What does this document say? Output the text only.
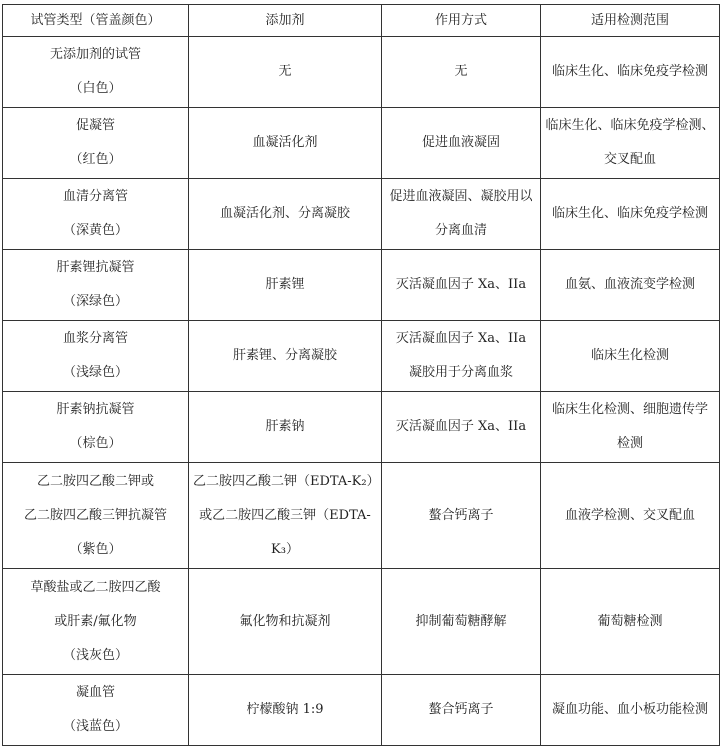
试管类型（管盖颜色）	添加剂	作用方式	适用检测范围

无添加剂的试管
（白色）	无	无	临床生化、临床免疫学检测

促凝管
（红色）	血凝活化剂	促进血液凝固	临床生化、临床免疫学检测、
交叉配血

血清分离管
（深黄色）	血凝活化剂、分离凝胶	促进血液凝固、凝胶用以
分离血清	临床生化、临床免疫学检测

肝素锂抗凝管
（深绿色）	肝素锂	灭活凝血因子 Xa、IIa	血氨、血液流变学检测

血浆分离管
（浅绿色）	肝素锂、分离凝胶	灭活凝血因子 Xa、IIa
凝胶用于分离血浆	临床生化检测

肝素钠抗凝管
（棕色）	肝素钠	灭活凝血因子 Xa、IIa	临床生化检测、细胞遗传学
检测

乙二胺四乙酸二钾或
乙二胺四乙酸三钾抗凝管
（紫色）	乙二胺四乙酸二钾（EDTA-K₂）
或乙二胺四乙酸三钾（EDTA-K₃）	螯合钙离子	血液学检测、交叉配血

草酸盐或乙二胺四乙酸
或肝素/氟化物
（浅灰色）	氟化物和抗凝剂	抑制葡萄糖酵解	葡萄糖检测

凝血管
（浅蓝色）	柠檬酸钠 1:9	螯合钙离子	凝血功能、血小板功能检测
